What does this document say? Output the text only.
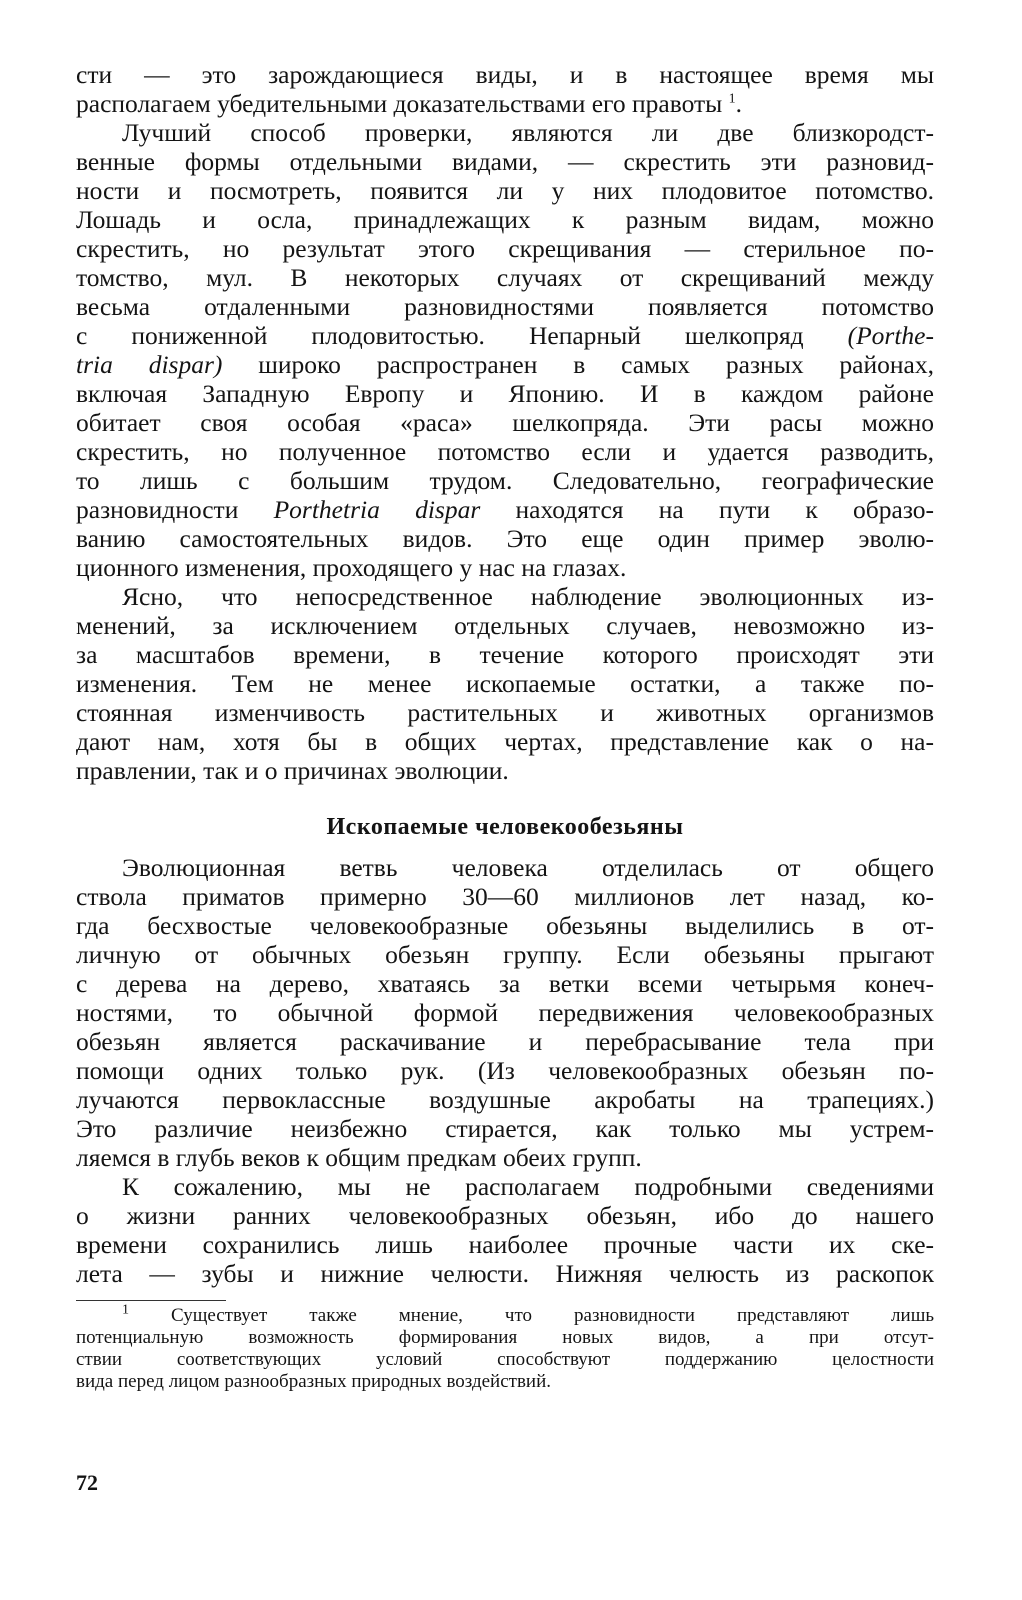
сти — это зарождающиеся виды, и в настоящее время мы
располагаем убедительными доказательствами его правоты $^1$.
Лучший способ проверки, являются ли две близкородст-
венные формы отдельными видами, — скрестить эти разновид-
ности и посмотреть, появится ли у них плодовитое потомство.
Лошадь и осла, принадлежащих к разным видам, можно
скрестить, но результат этого скрещивания — стерильное по-
томство, мул. В некоторых случаях от скрещиваний между
весьма отдаленными разновидностями появляется потомство
с пониженной плодовитостью. Непарный шелкопряд (Porthe-
tria dispar) широко распространен в самых разных районах,
включая Западную Европу и Японию. И в каждом районе
обитает своя особая «раса» шелкопряда. Эти расы можно
скрестить, но полученное потомство если и удается разводить,
то лишь с большим трудом. Следовательно, географические
разновидности Porthetria dispar находятся на пути к образо-
ванию самостоятельных видов. Это еще один пример эволю-
ционного изменения, проходящего у нас на глазах.
Ясно, что непосредственное наблюдение эволюционных из-
менений, за исключением отдельных случаев, невозможно из-
за масштабов времени, в течение которого происходят эти
изменения. Тем не менее ископаемые остатки, а также по-
стоянная изменчивость растительных и животных организмов
дают нам, хотя бы в общих чертах, представление как о на-
правлении, так и о причинах эволюции.
Ископаемые человекообезьяны
Эволюционная ветвь человека отделилась от общего
ствола приматов примерно 30—60 миллионов лет назад, ко-
гда бесхвостые человекообразные обезьяны выделились в от-
личную от обычных обезьян группу. Если обезьяны прыгают
с дерева на дерево, хватаясь за ветки всеми четырьмя конеч-
ностями, то обычной формой передвижения человекообразных
обезьян является раскачивание и перебрасывание тела при
помощи одних только рук. (Из человекообразных обезьян по-
лучаются первоклассные воздушные акробаты на трапециях.)
Это различие неизбежно стирается, как только мы устрем-
ляемся в глубь веков к общим предкам обеих групп.
К сожалению, мы не располагаем подробными сведениями
о жизни ранних человекообразных обезьян, ибо до нашего
времени сохранились лишь наиболее прочные части их ске-
лета — зубы и нижние челюсти. Нижняя челюсть из раскопок
$^1$ Существует также мнение, что разновидности представляют лишь
потенциальную возможность формирования новых видов, а при отсут-
ствии соответствующих условий способствуют поддержанию целостности
вида перед лицом разнообразных природных воздействий.
72
